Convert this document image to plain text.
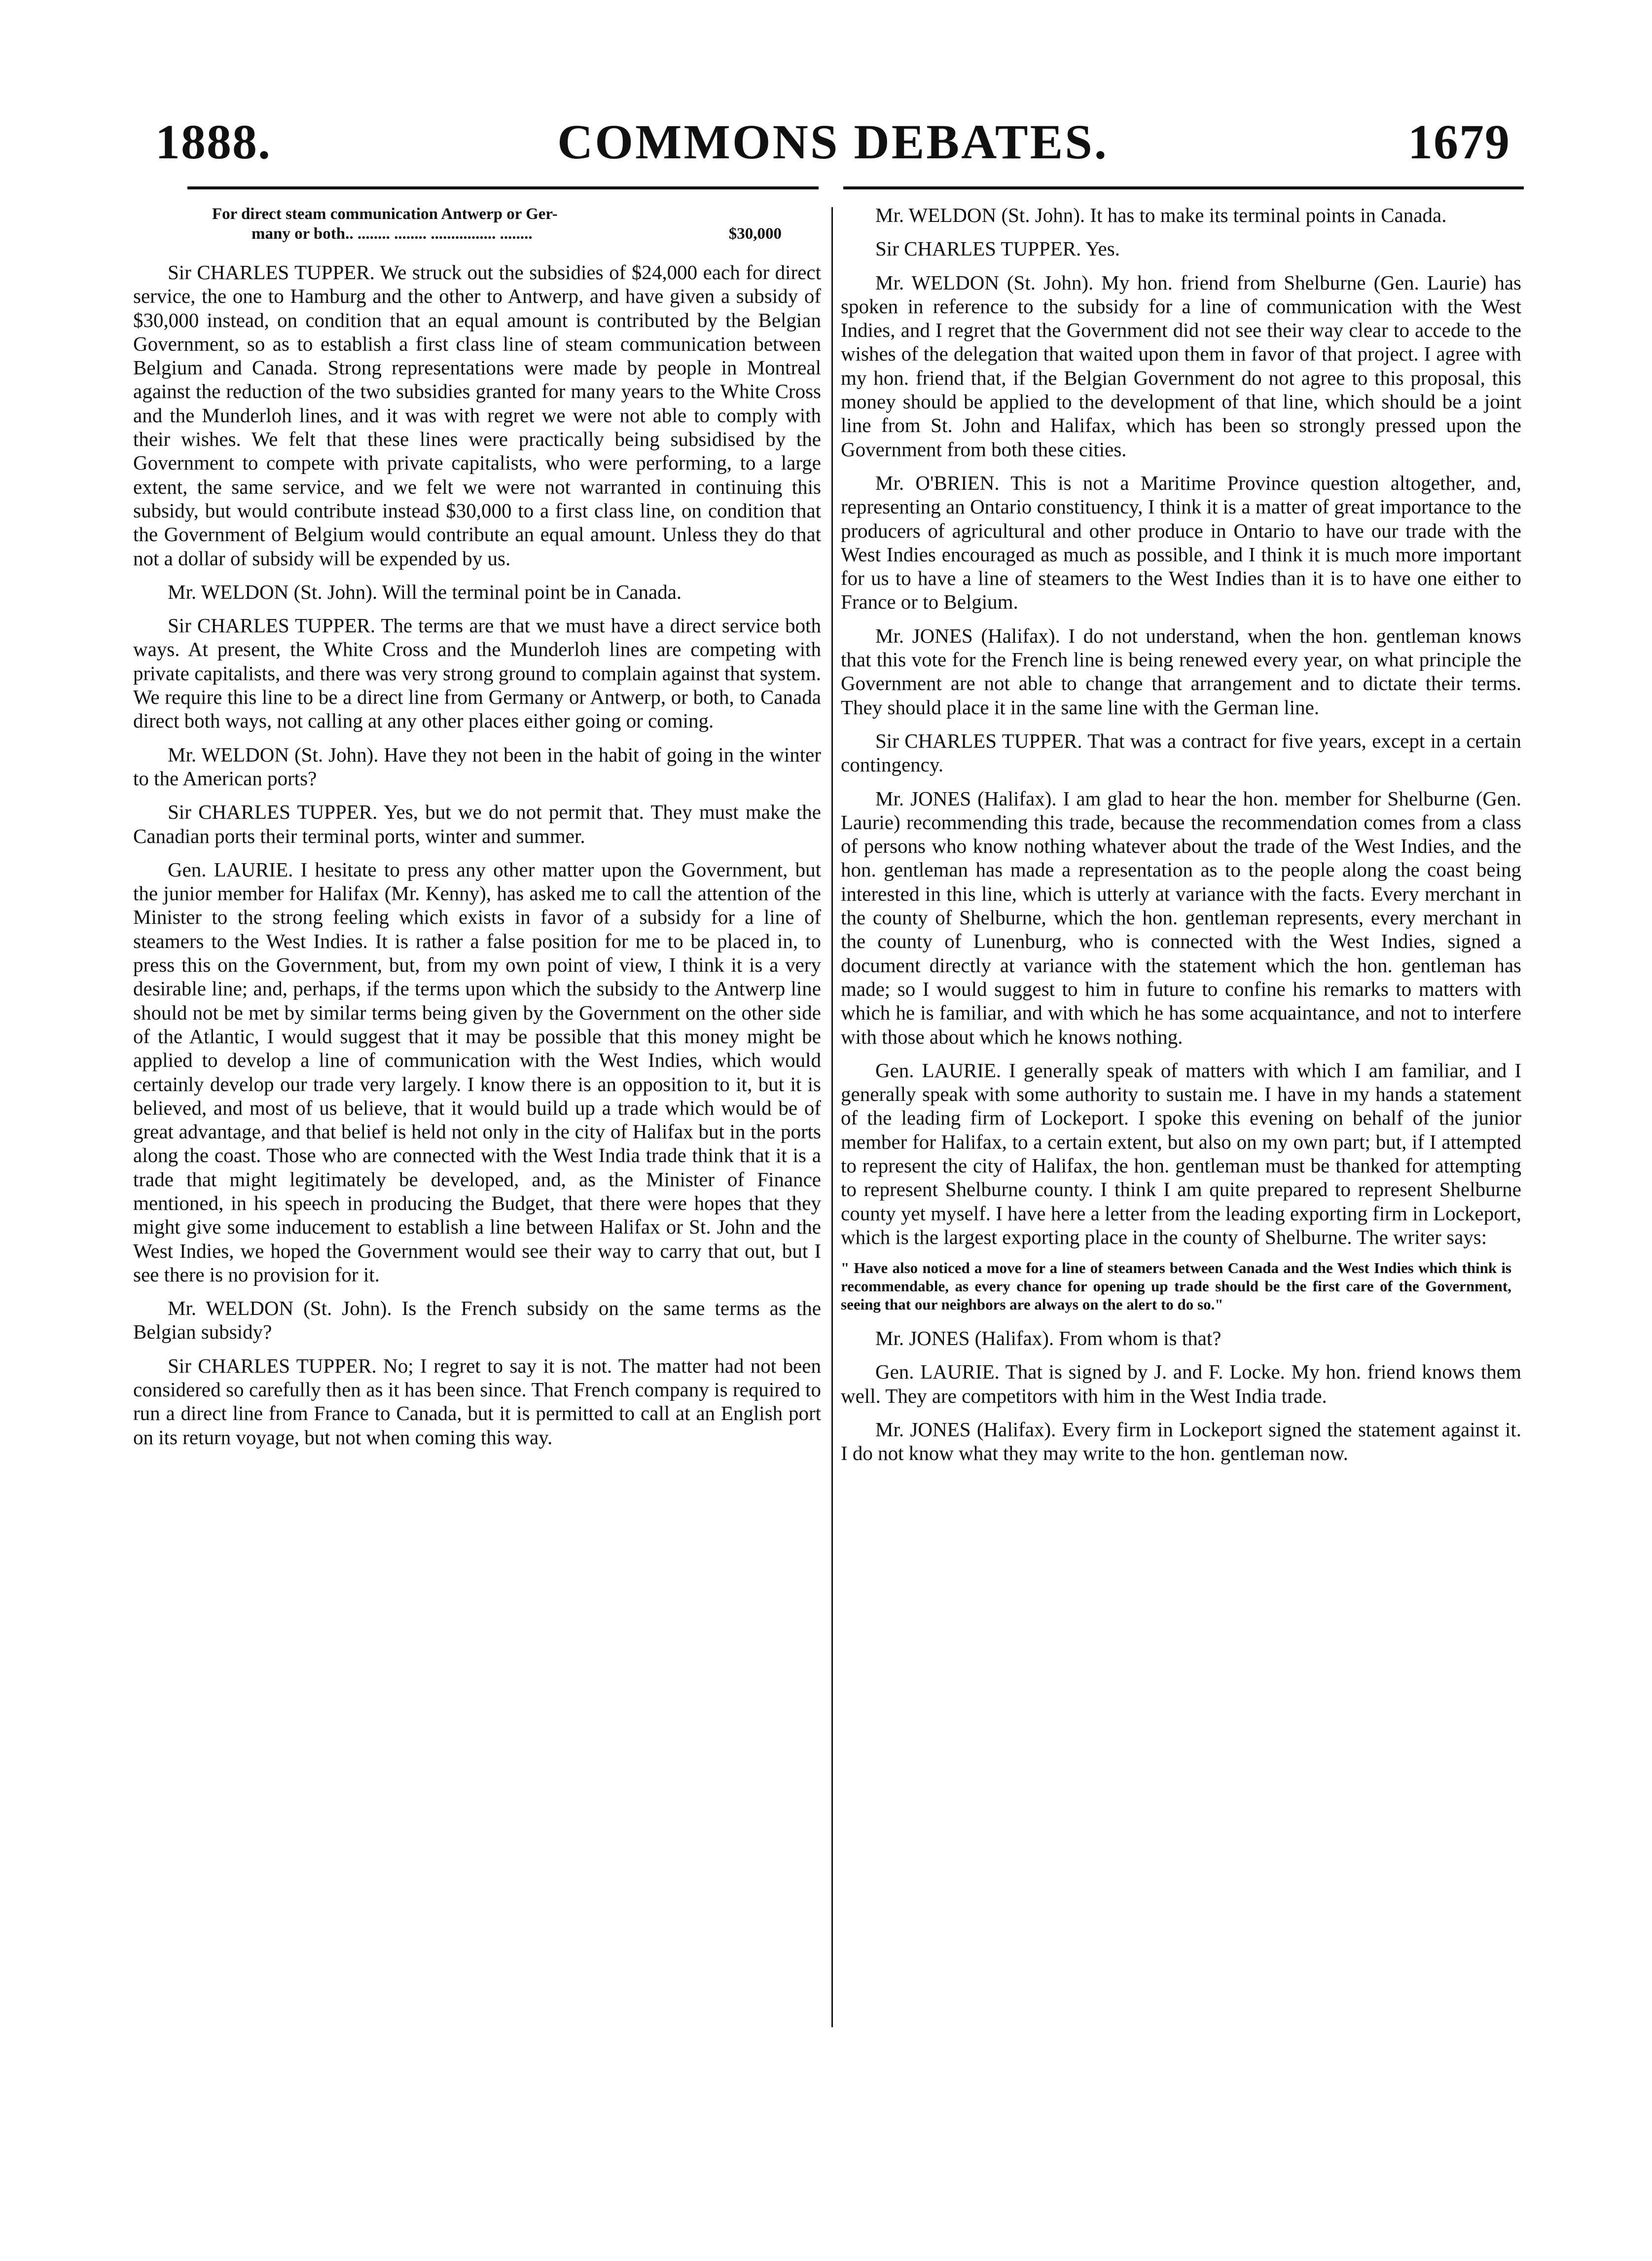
1888.	COMMONS DEBATES.	1679
For direct steam communication Antwerp or Ger-
many or both.. ........ ........ ................ ........	$30,000

Sir CHARLES TUPPER. We struck out the subsidies of $24,000 each for direct service, the one to Hamburg and the other to Antwerp, and have given a subsidy of $30,000 instead, on condition that an equal amount is contributed by the Belgian Government, so as to establish a first class line of steam communication between Belgium and Canada. Strong representations were made by people in Montreal against the reduction of the two subsidies granted for many years to the White Cross and the Munderloh lines, and it was with regret we were not able to comply with their wishes. We felt that these lines were practically being subsidised by the Government to compete with private capitalists, who were performing, to a large extent, the same service, and we felt we were not warranted in continuing this subsidy, but would contribute instead $30,000 to a first class line, on condition that the Government of Belgium would contribute an equal amount. Unless they do that not a dollar of subsidy will be expended by us.

Mr. WELDON (St. John). Will the terminal point be in Canada.

Sir CHARLES TUPPER. The terms are that we must have a direct service both ways. At present, the White Cross and the Munderloh lines are competing with private capitalists, and there was very strong ground to complain against that system. We require this line to be a direct line from Germany or Antwerp, or both, to Canada direct both ways, not calling at any other places either going or coming.

Mr. WELDON (St. John). Have they not been in the habit of going in the winter to the American ports?

Sir CHARLES TUPPER. Yes, but we do not permit that. They must make the Canadian ports their terminal ports, winter and summer.

Gen. LAURIE. I hesitate to press any other matter upon the Government, but the junior member for Halifax (Mr. Kenny), has asked me to call the attention of the Minister to the strong feeling which exists in favor of a subsidy for a line of steamers to the West Indies. It is rather a false position for me to be placed in, to press this on the Government, but, from my own point of view, I think it is a very desirable line; and, perhaps, if the terms upon which the subsidy to the Antwerp line should not be met by similar terms being given by the Government on the other side of the Atlantic, I would suggest that it may be possible that this money might be applied to develop a line of communication with the West Indies, which would certainly develop our trade very largely. I know there is an opposition to it, but it is believed, and most of us believe, that it would build up a trade which would be of great advantage, and that belief is held not only in the city of Halifax but in the ports along the coast. Those who are connected with the West India trade think that it is a trade that might legitimately be developed, and, as the Minister of Finance mentioned, in his speech in producing the Budget, that there were hopes that they might give some inducement to establish a line between Halifax or St. John and the West Indies, we hoped the Government would see their way to carry that out, but I see there is no provision for it.

Mr. WELDON (St. John). Is the French subsidy on the same terms as the Belgian subsidy?

Sir CHARLES TUPPER. No; I regret to say it is not. The matter had not been considered so carefully then as it has been since. That French company is required to run a direct line from France to Canada, but it is permitted to call at an English port on its return voyage, but not when coming this way.

Mr. WELDON (St. John). It has to make its terminal points in Canada.

Sir CHARLES TUPPER. Yes.

Mr. WELDON (St. John). My hon. friend from Shelburne (Gen. Laurie) has spoken in reference to the subsidy for a line of communication with the West Indies, and I regret that the Government did not see their way clear to accede to the wishes of the delegation that waited upon them in favor of that project. I agree with my hon. friend that, if the Belgian Government do not agree to this proposal, this money should be applied to the development of that line, which should be a joint line from St. John and Halifax, which has been so strongly pressed upon the Government from both these cities.

Mr. O'BRIEN. This is not a Maritime Province question altogether, and, representing an Ontario constituency, I think it is a matter of great importance to the producers of agricultural and other produce in Ontario to have our trade with the West Indies encouraged as much as possible, and I think it is much more important for us to have a line of steamers to the West Indies than it is to have one either to France or to Belgium.

Mr. JONES (Halifax). I do not understand, when the hon. gentleman knows that this vote for the French line is being renewed every year, on what principle the Government are not able to change that arrangement and to dictate their terms. They should place it in the same line with the German line.

Sir CHARLES TUPPER. That was a contract for five years, except in a certain contingency.

Mr. JONES (Halifax). I am glad to hear the hon. member for Shelburne (Gen. Laurie) recommending this trade, because the recommendation comes from a class of persons who know nothing whatever about the trade of the West Indies, and the hon. gentleman has made a representation as to the people along the coast being interested in this line, which is utterly at variance with the facts. Every merchant in the county of Shelburne, which the hon. gentleman represents, every merchant in the county of Lunenburg, who is connected with the West Indies, signed a document directly at variance with the statement which the hon. gentleman has made; so I would suggest to him in future to confine his remarks to matters with which he is familiar, and with which he has some acquaintance, and not to interfere with those about which he knows nothing.

Gen. LAURIE. I generally speak of matters with which I am familiar, and I generally speak with some authority to sustain me. I have in my hands a statement of the leading firm of Lockeport. I spoke this evening on behalf of the junior member for Halifax, to a certain extent, but also on my own part; but, if I attempted to represent the city of Halifax, the hon. gentleman must be thanked for attempting to represent Shelburne county. I think I am quite prepared to represent Shelburne county yet myself. I have here a letter from the leading exporting firm in Lockeport, which is the largest exporting place in the county of Shelburne. The writer says:

" Have also noticed a move for a line of steamers between Canada and the West Indies which think is recommendable, as every chance for opening up trade should be the first care of the Government, seeing that our neighbors are always on the alert to do so."

Mr. JONES (Halifax). From whom is that?

Gen. LAURIE. That is signed by J. and F. Locke. My hon. friend knows them well. They are competitors with him in the West India trade.

Mr. JONES (Halifax). Every firm in Lockeport signed the statement against it. I do not know what they may write to the hon. gentleman now.
